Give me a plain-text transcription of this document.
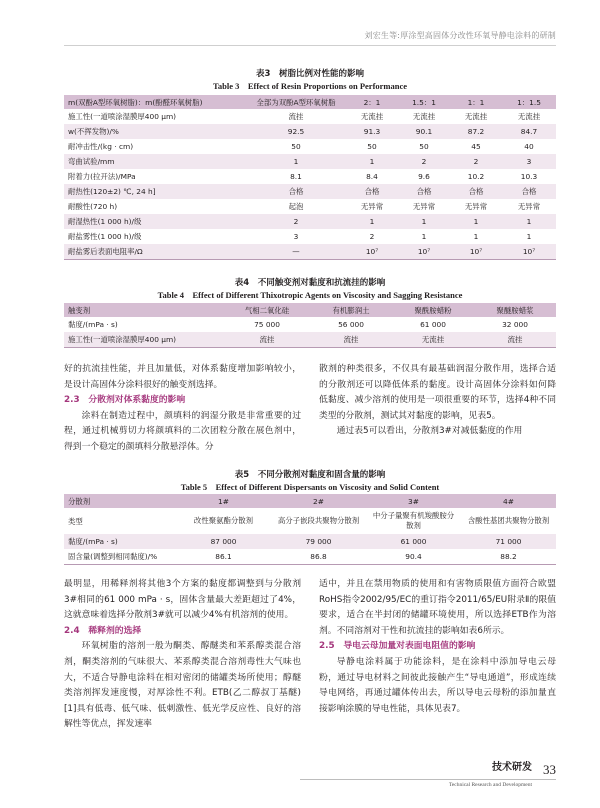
刘宏生等:厚涂型高固体分改性环氧导静电涂料的研制
表3　树脂比例对性能的影响
Table 3　Effect of Resin Proportions on Performance
m(双酚A型环氧树脂)：m(酚醛环氧树脂)	全部为双酚A型环氧树脂	2：1	1.5：1	1：1	1：1.5
施工性(一道喷涂湿膜厚400 μm)	流挂	无流挂	无流挂	无流挂	无流挂
w(不挥发物)/%	92.5	91.3	90.1	87.2	84.7
耐冲击性/(kg · cm)	50	50	50	45	40
弯曲试验/mm	1	1	2	2	3
附着力(拉开法)/MPa	8.1	8.4	9.6	10.2	10.3
耐热性(120±2) ℃, 24 h]	合格	合格	合格	合格	合格
耐酸性(720 h)	起泡	无异常	无异常	无异常	无异常
耐湿热性(1 000 h)/级	2	1	1	1	1
耐盐雾性(1 000 h)/级	3	2	1	1	1
耐盐雾后表面电阻率/Ω	—	10⁷	10⁷	10⁷	10⁷
表4　不同触变剂对黏度和抗流挂的影响
Table 4　Effect of Different Thixotropic Agents on Viscosity and Sagging Resistance
触变剂	气相二氧化硅	有机膨润土	聚酰胺蜡粉	聚醚胺蜡浆
黏度/(mPa · s)	75 000	56 000	61 000	32 000
施工性(一道喷涂湿膜厚400 μm)	流挂	流挂	无流挂	流挂

好的抗流挂性能，并且加量低，对体系黏度增加影响较小，是设计高固体分涂料很好的触变剂选择。

2.3　分散剂对体系黏度的影响

涂料在制造过程中，颜填料的润湿分散是非常重要的过程，通过机械剪切力将颜填料的二次团粒分散在展色剂中，得到一个稳定的颜填料分散悬浮体。分

散剂的种类很多，不仅具有最基础润湿分散作用，选择合适的分散剂还可以降低体系的黏度。设计高固体分涂料如何降低黏度、减少溶剂的使用是一项很重要的环节，选择4种不同类型的分散剂，测试其对黏度的影响，见表5。

通过表5可以看出，分散剂3#对减低黏度的作用

表5　不同分散剂对黏度和固含量的影响
Table 5　Effect of Different Dispersants on Viscosity and Solid Content
分散剂	1#	2#	3#	4#
类型	改性聚氨酯分散剂	高分子嵌段共聚物分散剂	中分子量聚有机羧酸胺分散剂	含酸性基团共聚物分散剂
黏度/(mPa · s)	87 000	79 000	61 000	71 000
固含量(调整到相同黏度)/%	86.1	86.8	90.4	88.2

最明显，用稀释剂将其他3个方案的黏度都调整到与分散剂3#相同的61 000 mPa · s，固体含量最大差距超过了4%，这就意味着选择分散剂3#就可以减少4%有机溶剂的使用。

2.4　稀释剂的选择

环氧树脂的溶剂一般为酮类、醇醚类和苯系醇类混合溶剂，酮类溶剂的气味很大、苯系醇类混合溶剂毒性大气味也大，不适合导静电涂料在相对密闭的储罐类场所使用；醇醚类溶剂挥发速度慢，对厚涂性不利。ETB(乙二醇叔丁基醚)[1]具有低毒、低气味、低刺激性、低光学反应性、良好的溶解性等优点，挥发速率

适中，并且在禁用物质的使用和有害物质限值方面符合欧盟RoHS指令2002/95/EC的重订指令2011/65/EU附录Ⅱ的限值要求，适合在半封闭的储罐环境使用，所以选择ETB作为溶剂。不同溶剂对干性和抗流挂的影响如表6所示。

2.5　导电云母加量对表面电阻值的影响

导静电涂料属于功能涂料，是在涂料中添加导电云母粉，通过导电材料之间彼此接触产生“导电通道”，形成连续导电网络，再通过罐体传出去，所以导电云母粉的添加量直接影响涂膜的导电性能，具体见表7。

技术研发
Technical Research and Development
33
